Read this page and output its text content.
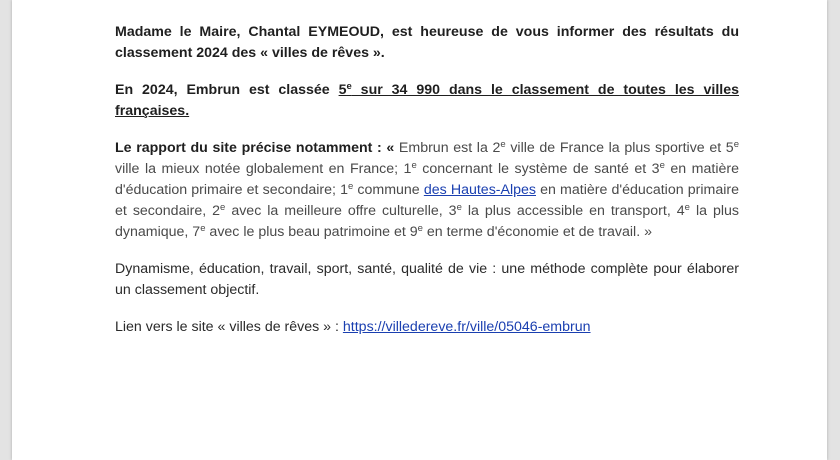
Madame le Maire, Chantal EYMEOUD, est heureuse de vous informer des résultats du classement 2024 des « villes de rêves ».

En 2024, Embrun est classée 5e sur 34 990 dans le classement de toutes les villes françaises.

Le rapport du site précise notamment : « Embrun est la 2e ville de France la plus sportive et 5e ville la mieux notée globalement en France; 1e concernant le système de santé et 3e en matière d'éducation primaire et secondaire; 1e commune des Hautes-Alpes en matière d'éducation primaire et secondaire, 2e avec la meilleure offre culturelle, 3e la plus accessible en transport, 4e la plus dynamique, 7e avec le plus beau patrimoine et 9e en terme d'économie et de travail. »

Dynamisme, éducation, travail, sport, santé, qualité de vie : une méthode complète pour élaborer un classement objectif.

Lien vers le site « villes de rêves » : https://villedereve.fr/ville/05046-embrun
